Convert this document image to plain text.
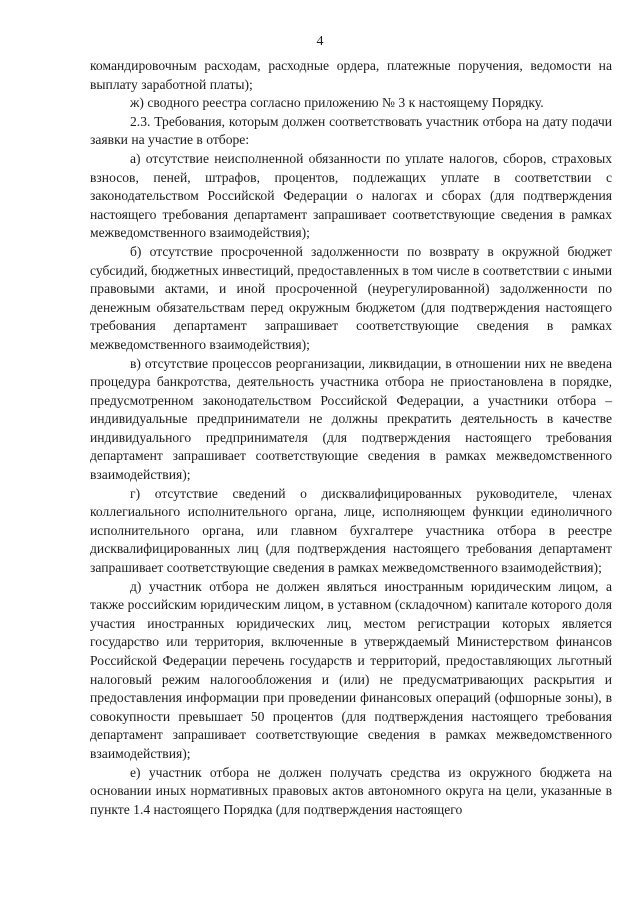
4

командировочным расходам, расходные ордера, платежные поручения, ведомости на выплату заработной платы);

ж) сводного реестра согласно приложению № 3 к настоящему Порядку.

2.3. Требования, которым должен соответствовать участник отбора на дату подачи заявки на участие в отборе:

а) отсутствие неисполненной обязанности по уплате налогов, сборов, страховых взносов, пеней, штрафов, процентов, подлежащих уплате в соответствии с законодательством Российской Федерации о налогах и сборах (для подтверждения настоящего требования департамент запрашивает соответствующие сведения в рамках межведомственного взаимодействия);

б) отсутствие просроченной задолженности по возврату в окружной бюджет субсидий, бюджетных инвестиций, предоставленных в том числе в соответствии с иными правовыми актами, и иной просроченной (неурегулированной) задолженности по денежным обязательствам перед окружным бюджетом (для подтверждения настоящего требования департамент запрашивает соответствующие сведения в рамках межведомственного взаимодействия);

в) отсутствие процессов реорганизации, ликвидации, в отношении них не введена процедура банкротства, деятельность участника отбора не приостановлена в порядке, предусмотренном законодательством Российской Федерации, а участники отбора – индивидуальные предприниматели не должны прекратить деятельность в качестве индивидуального предпринимателя (для подтверждения настоящего требования департамент запрашивает соответствующие сведения в рамках межведомственного взаимодействия);

г) отсутствие сведений о дисквалифицированных руководителе, членах коллегиального исполнительного органа, лице, исполняющем функции единоличного исполнительного органа, или главном бухгалтере участника отбора в реестре дисквалифицированных лиц (для подтверждения настоящего требования департамент запрашивает соответствующие сведения в рамках межведомственного взаимодействия);

д) участник отбора не должен являться иностранным юридическим лицом, а также российским юридическим лицом, в уставном (складочном) капитале которого доля участия иностранных юридических лиц, местом регистрации которых является государство или территория, включенные в утверждаемый Министерством финансов Российской Федерации перечень государств и территорий, предоставляющих льготный налоговый режим налогообложения и (или) не предусматривающих раскрытия и предоставления информации при проведении финансовых операций (офшорные зоны), в совокупности превышает 50 процентов (для подтверждения настоящего требования департамент запрашивает соответствующие сведения в рамках межведомственного взаимодействия);

е) участник отбора не должен получать средства из окружного бюджета на основании иных нормативных правовых актов автономного округа на цели, указанные в пункте 1.4 настоящего Порядка (для подтверждения настоящего
